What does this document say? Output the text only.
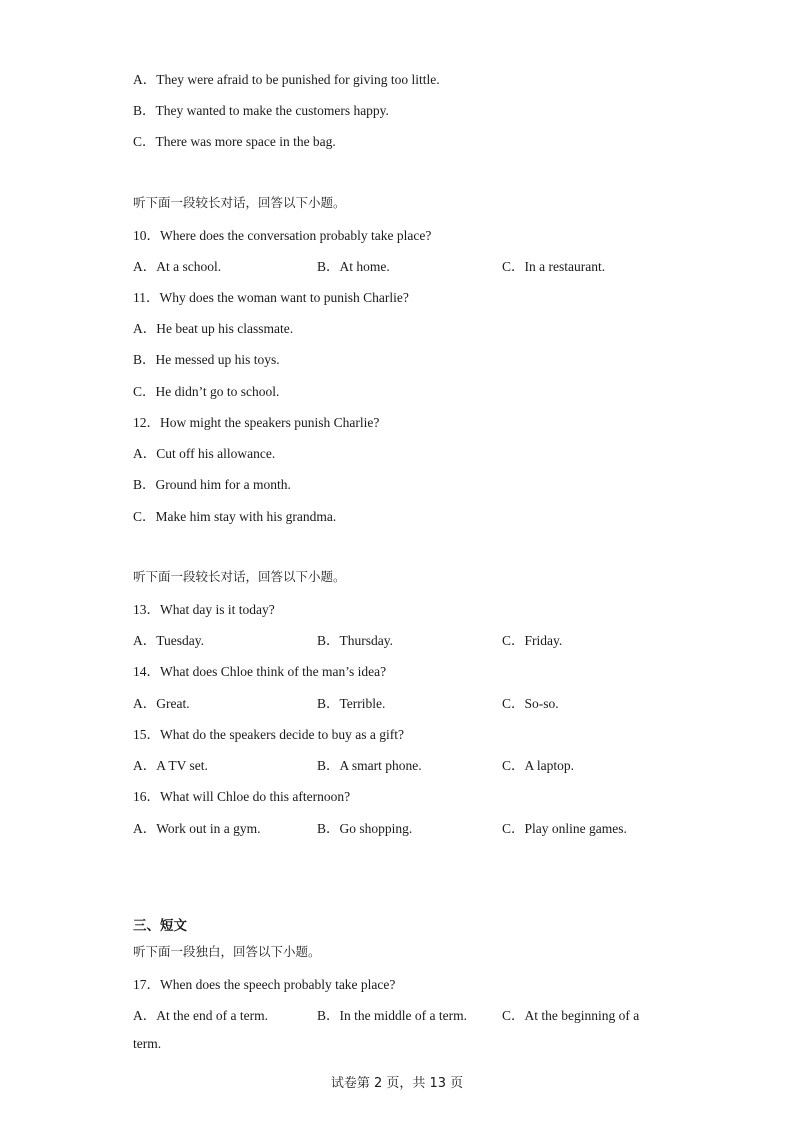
A．They were afraid to be punished for giving too little.
B．They wanted to make the customers happy.
C．There was more space in the bag.
听下面一段较长对话，回答以下小题。
10．Where does the conversation probably take place?
A．At a school.	B．At home.	C．In a restaurant.
11．Why does the woman want to punish Charlie?
A．He beat up his classmate.
B．He messed up his toys.
C．He didn’t go to school.
12．How might the speakers punish Charlie?
A．Cut off his allowance.
B．Ground him for a month.
C．Make him stay with his grandma.
听下面一段较长对话，回答以下小题。
13．What day is it today?
A．Tuesday.	B．Thursday.	C．Friday.
14．What does Chloe think of the man’s idea?
A．Great.	B．Terrible.	C．So-so.
15．What do the speakers decide to buy as a gift?
A．A TV set.	B．A smart phone.	C．A laptop.
16．What will Chloe do this afternoon?
A．Work out in a gym.	B．Go shopping.	C．Play online games.
三、短文
听下面一段独白，回答以下小题。
17．When does the speech probably take place?
A．At the end of a term.	B．In the middle of a term.	C．At the beginning of a
term.
试卷第 2 页，共 13 页
